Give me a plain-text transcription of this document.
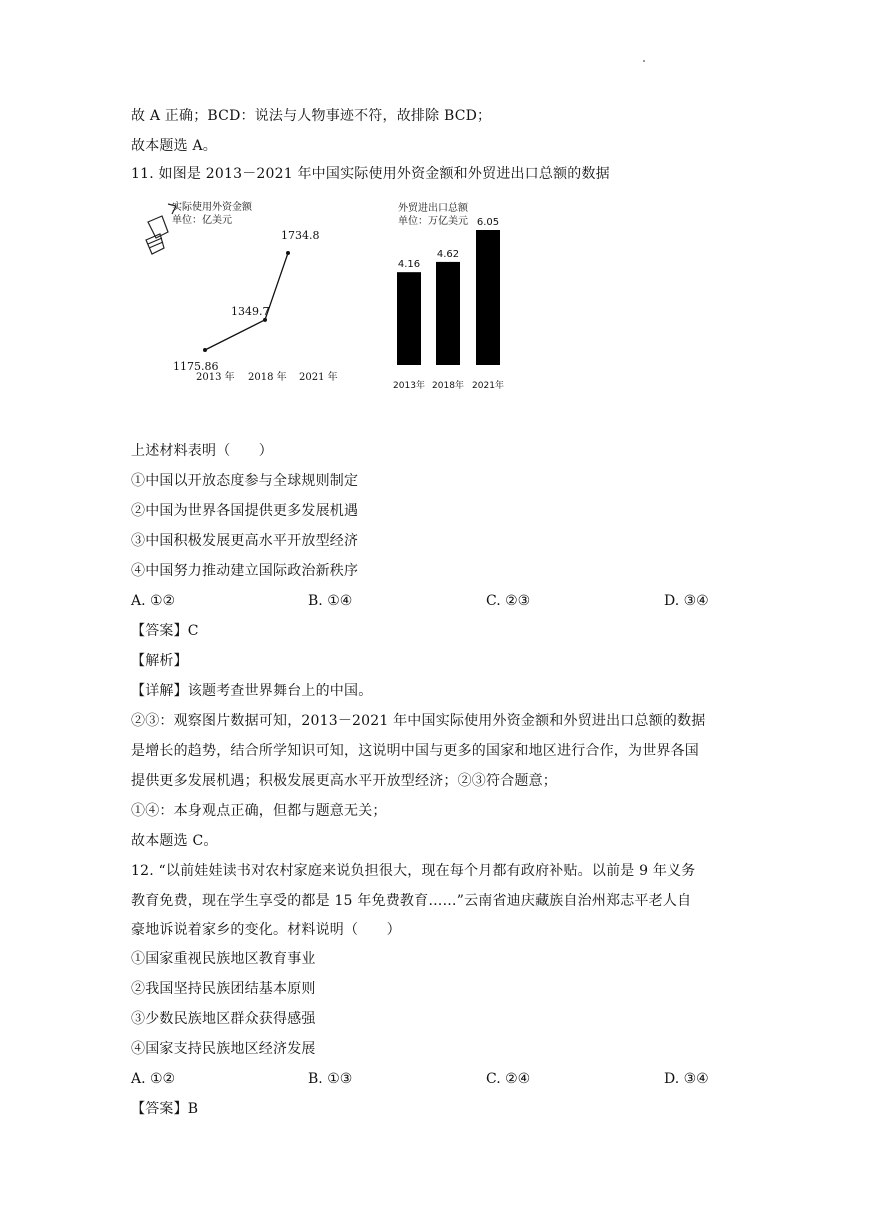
故 A 正确；BCD：说法与人物事迹不符，故排除 BCD；
故本题选 A。
11. 如图是 2013－2021 年中国实际使用外资金额和外贸进出口总额的数据
实际使用外资金额
单位：亿美元
1175.86
1349.7
1734.8
2013 年 2018 年 2021 年
外贸进出口总额
单位：万亿美元
4.16
4.62
6.05
2013年 2018年 2021年
上述材料表明（　　）
①中国以开放态度参与全球规则制定
②中国为世界各国提供更多发展机遇
③中国积极发展更高水平开放型经济
④中国努力推动建立国际政治新秩序
A. ①②	B. ①④	C. ②③	D. ③④
【答案】C
【解析】
【详解】该题考查世界舞台上的中国。
②③：观察图片数据可知，2013－2021 年中国实际使用外资金额和外贸进出口总额的数据
是增长的趋势，结合所学知识可知，这说明中国与更多的国家和地区进行合作，为世界各国
提供更多发展机遇；积极发展更高水平开放型经济；②③符合题意；
①④：本身观点正确，但都与题意无关；
故本题选 C。
12. “以前娃娃读书对农村家庭来说负担很大，现在每个月都有政府补贴。以前是 9 年义务
教育免费，现在学生享受的都是 15 年免费教育……”云南省迪庆藏族自治州郑志平老人自
豪地诉说着家乡的变化。材料说明（　　）
①国家重视民族地区教育事业
②我国坚持民族团结基本原则
③少数民族地区群众获得感强
④国家支持民族地区经济发展
A. ①②	B. ①③	C. ②④	D. ③④
【答案】B
